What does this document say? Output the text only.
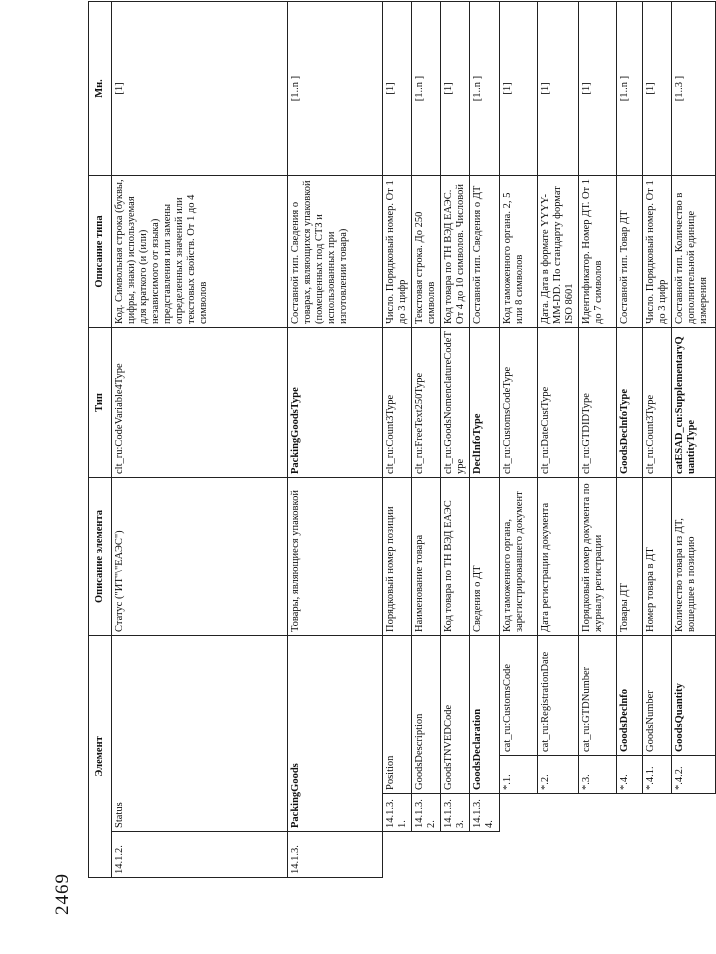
2469
Элемент				Описание элемента	Тип	Описание типа	Мн.
14.1.2.	Status			Статус ("ИТ"\"ЕАЭС")	clt_ru:CodeVariable4Type	Код. Символьная строка (буквы, цифры, знаки) используемая для краткого (и (или) независимого от языка) представления или замены определенных значений или текстовых свойств. От 1 до 4 символов	[1]
14.1.3.	PackingGoods			Товары, являющиеся упаковкой	PackingGoodsType	Составной тип. Сведения о товарах, являющихся упаковкой (помещенных под СТЗ и использованных при изготовлении товара)	[1..n ]
	14.1.3.1.	Position		Порядковый номер позиции	clt_ru:Count3Type	Число. Порядковый номер. От 1 до 3 цифр	[1]
	14.1.3.2.	GoodsDescription		Наименование товара	clt_ru:FreeText250Type	Текстовая строка. До 250 символов	[1..n ]
	14.1.3.3.	GoodsTNVEDCode		Код товара по ТН ВЭД ЕАЭС	clt_ru:GoodsNomenclatureCodeType	Код товара по ТН ВЭД ЕАЭС. От 4 до 10 символов. Числовой	[1]
	14.1.3.4.	GoodsDeclaration		Сведения о ДТ	DeclInfoType	Составной тип. Сведения о ДТ	[1..n ]
		*.1.	cat_ru:CustomsCode	Код таможенного органа, зарегистрировавшего документ	clt_ru:CustomsCodeType	Код таможенного органа. 2, 5 или 8 символов	[1]
		*.2.	cat_ru:RegistrationDate	Дата регистрации документа	clt_ru:DateCustType	Дата. Дата в формате YYYY-MM-DD. По стандарту формат ISO 8601	[1]
		*.3.	cat_ru:GTDNumber	Порядковый номер документа по журналу регистрации	clt_ru:GTDIDType	Идентификатор. Номер ДТ. От 1 до 7 символов	[1]
		*.4.	GoodsDeclnfo	Товары ДТ	GoodsDeclnfoType	Составной тип. Товар ДТ	[1..n ]
		*.4.1.	GoodsNumber	Номер товара в ДТ	clt_ru:Count3Type	Число. Порядковый номер. От 1 до 3 цифр	[1]
		*.4.2.	GoodsQuantity	Количество товара из ДТ, вошедшее в позицию	catESAD_cu:SupplementaryQuantityType	Составной тип. Количество в дополнительной единице измерения	[1..3 ]
